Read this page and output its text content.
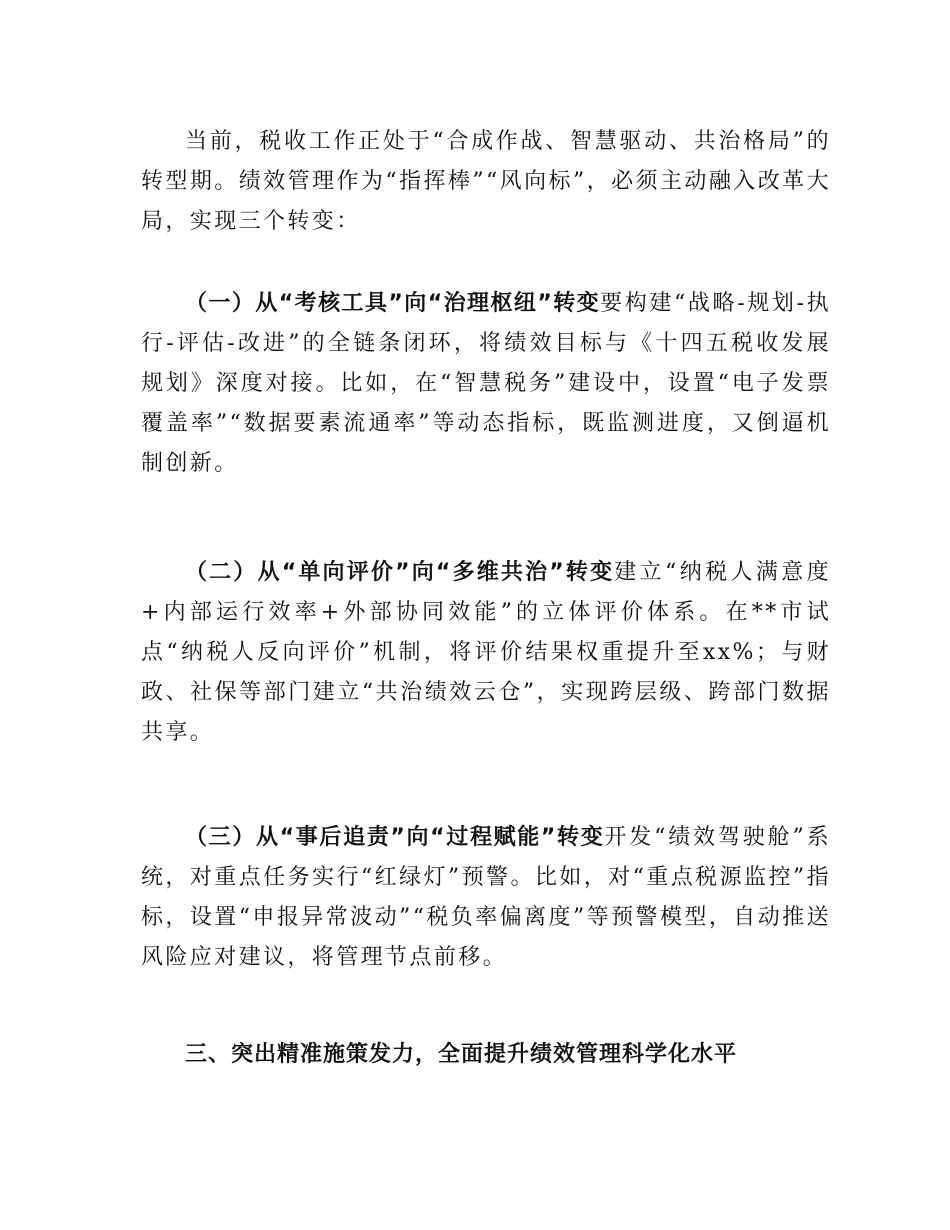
当前，税收工作正处于“合成作战、智慧驱动、共治格局”的转型期。绩效管理作为“指挥棒”“风向标”，必须主动融入改革大局，实现三个转变：

（一）从“考核工具”向“治理枢纽”转变要构建“战略-规划-执行-评估-改进”的全链条闭环，将绩效目标与《十四五税收发展规划》深度对接。比如，在“智慧税务”建设中，设置“电子发票覆盖率”“数据要素流通率”等动态指标，既监测进度，又倒逼机制创新。

（二）从“单向评价”向“多维共治”转变建立“纳税人满意度+内部运行效率+外部协同效能”的立体评价体系。在**市试点“纳税人反向评价”机制，将评价结果权重提升至xx%；与财政、社保等部门建立“共治绩效云仓”，实现跨层级、跨部门数据共享。

（三）从“事后追责”向“过程赋能”转变开发“绩效驾驶舱”系统，对重点任务实行“红绿灯”预警。比如，对“重点税源监控”指标，设置“申报异常波动”“税负率偏离度”等预警模型，自动推送风险应对建议，将管理节点前移。

三、突出精准施策发力，全面提升绩效管理科学化水平
